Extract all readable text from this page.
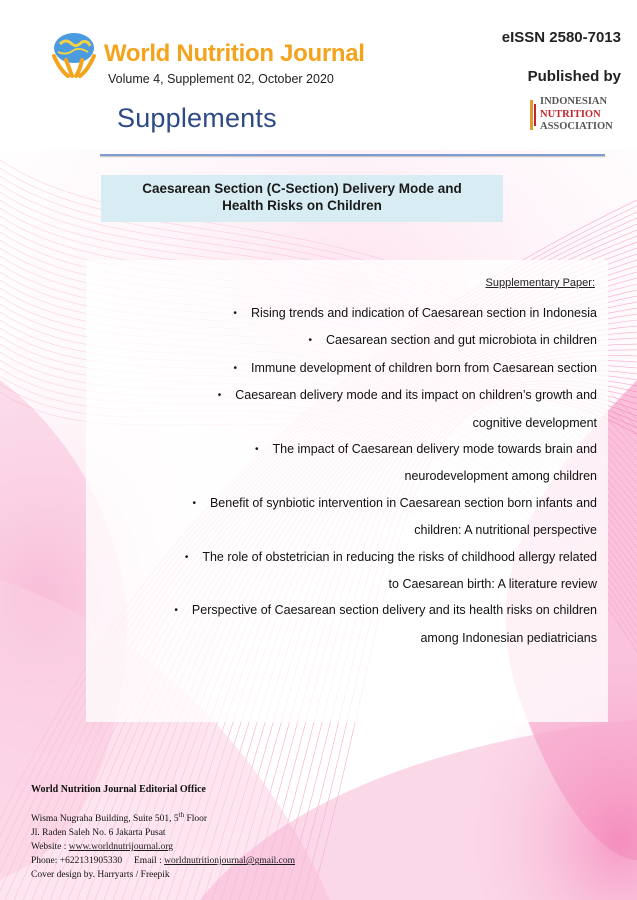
World Nutrition Journal
Volume 4, Supplement 02, October 2020
Supplements
eISSN 2580-7013
Published by
INDONESIAN
NUTRITION
ASSOCIATION
Caesarean Section (C-Section) Delivery Mode and
Health Risks on Children
Supplementary Paper:
• Rising trends and indication of Caesarean section in Indonesia
• Caesarean section and gut microbiota in children
• Immune development of children born from Caesarean section
• Caesarean delivery mode and its impact on children’s growth and
cognitive development
• The impact of Caesarean delivery mode towards brain and
neurodevelopment among children
• Benefit of synbiotic intervention in Caesarean section born infants and
children: A nutritional perspective
• The role of obstetrician in reducing the risks of childhood allergy related
to Caesarean birth: A literature review
• Perspective of Caesarean section delivery and its health risks on children
among Indonesian pediatricians
World Nutrition Journal Editorial Office
Wisma Nugraha Building, Suite 501, 5th Floor
Jl. Raden Saleh No. 6 Jakarta Pusat
Website : www.worldnutrijournal.org
Phone: +622131905330 Email : worldnutritionjournal@gmail.com
Cover design by. Harryarts / Freepik
